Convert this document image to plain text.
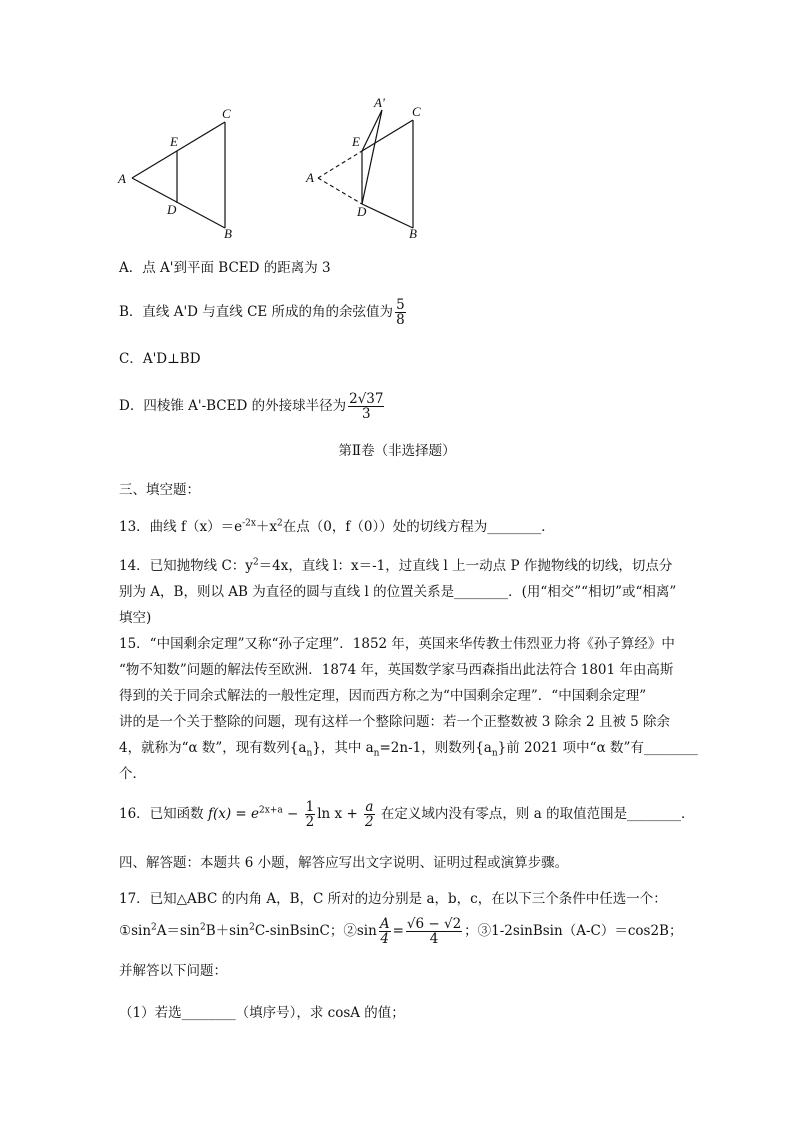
A
E
C
D
B
A'
C
E
A
D
B
A．点 A'到平面 BCED 的距离为 3
B．直线 A'D 与直线 CE 所成的角的余弦值为 $\frac{5}{8}$
C．A'D⊥BD
D．四棱锥 A'-BCED 的外接球半径为 $\frac{2√37}{3}$
第Ⅱ卷（非选择题）
三、填空题：
13．曲线 $f(x)=e^{-2x}+x^2$在点（0，f（0））处的切线方程为________．
14．已知抛物线 C：$y^2=4x$，直线 l：x＝-1，过直线 l 上一动点 P 作抛物线的切线，切点分
别为 A，B，则以 AB 为直径的圆与直线 l 的位置关系是________．(用“相交”“相切”或“相离”
填空)
15．“中国剩余定理”又称“孙子定理”．1852 年，英国来华传教士伟烈亚力将《孙子算经》中
“物不知数”问题的解法传至欧洲．1874 年，英国数学家马西森指出此法符合 1801 年由高斯
得到的关于同余式解法的一般性定理，因而西方称之为“中国剩余定理”．“中国剩余定理”
讲的是一个关于整除的问题，现有这样一个整除问题：若一个正整数被 3 除余 2 且被 5 除余
4，就称为“α 数”，现有数列$\{a_n\}$，其中 $a_n=2n-1$，则数列$\{a_n\}$前 2021 项中“α 数”有________
个．
16．已知函数 $f(x) = e^{2x+a} - \frac{1}{2}$ $\ln x + \frac{a}{2}$ 在定义域内没有零点，则 a 的取值范围是________．
四、解答题：本题共 6 小题，解答应写出文字说明、证明过程或演算步骤。
17．已知△ABC 的内角 A，B，C 所对的边分别是 a，b，c，在以下三个条件中任选一个：
$①\sin^2A=\sin^2B+\sin^2C$-sinBsinC；②sin $\frac{A}{4} = \frac{√6 - √2}{4}$ ；③1-2sinBsin（A-C）＝cos2B；
并解答以下问题：
（1）若选________（填序号），求 cosA 的值；
